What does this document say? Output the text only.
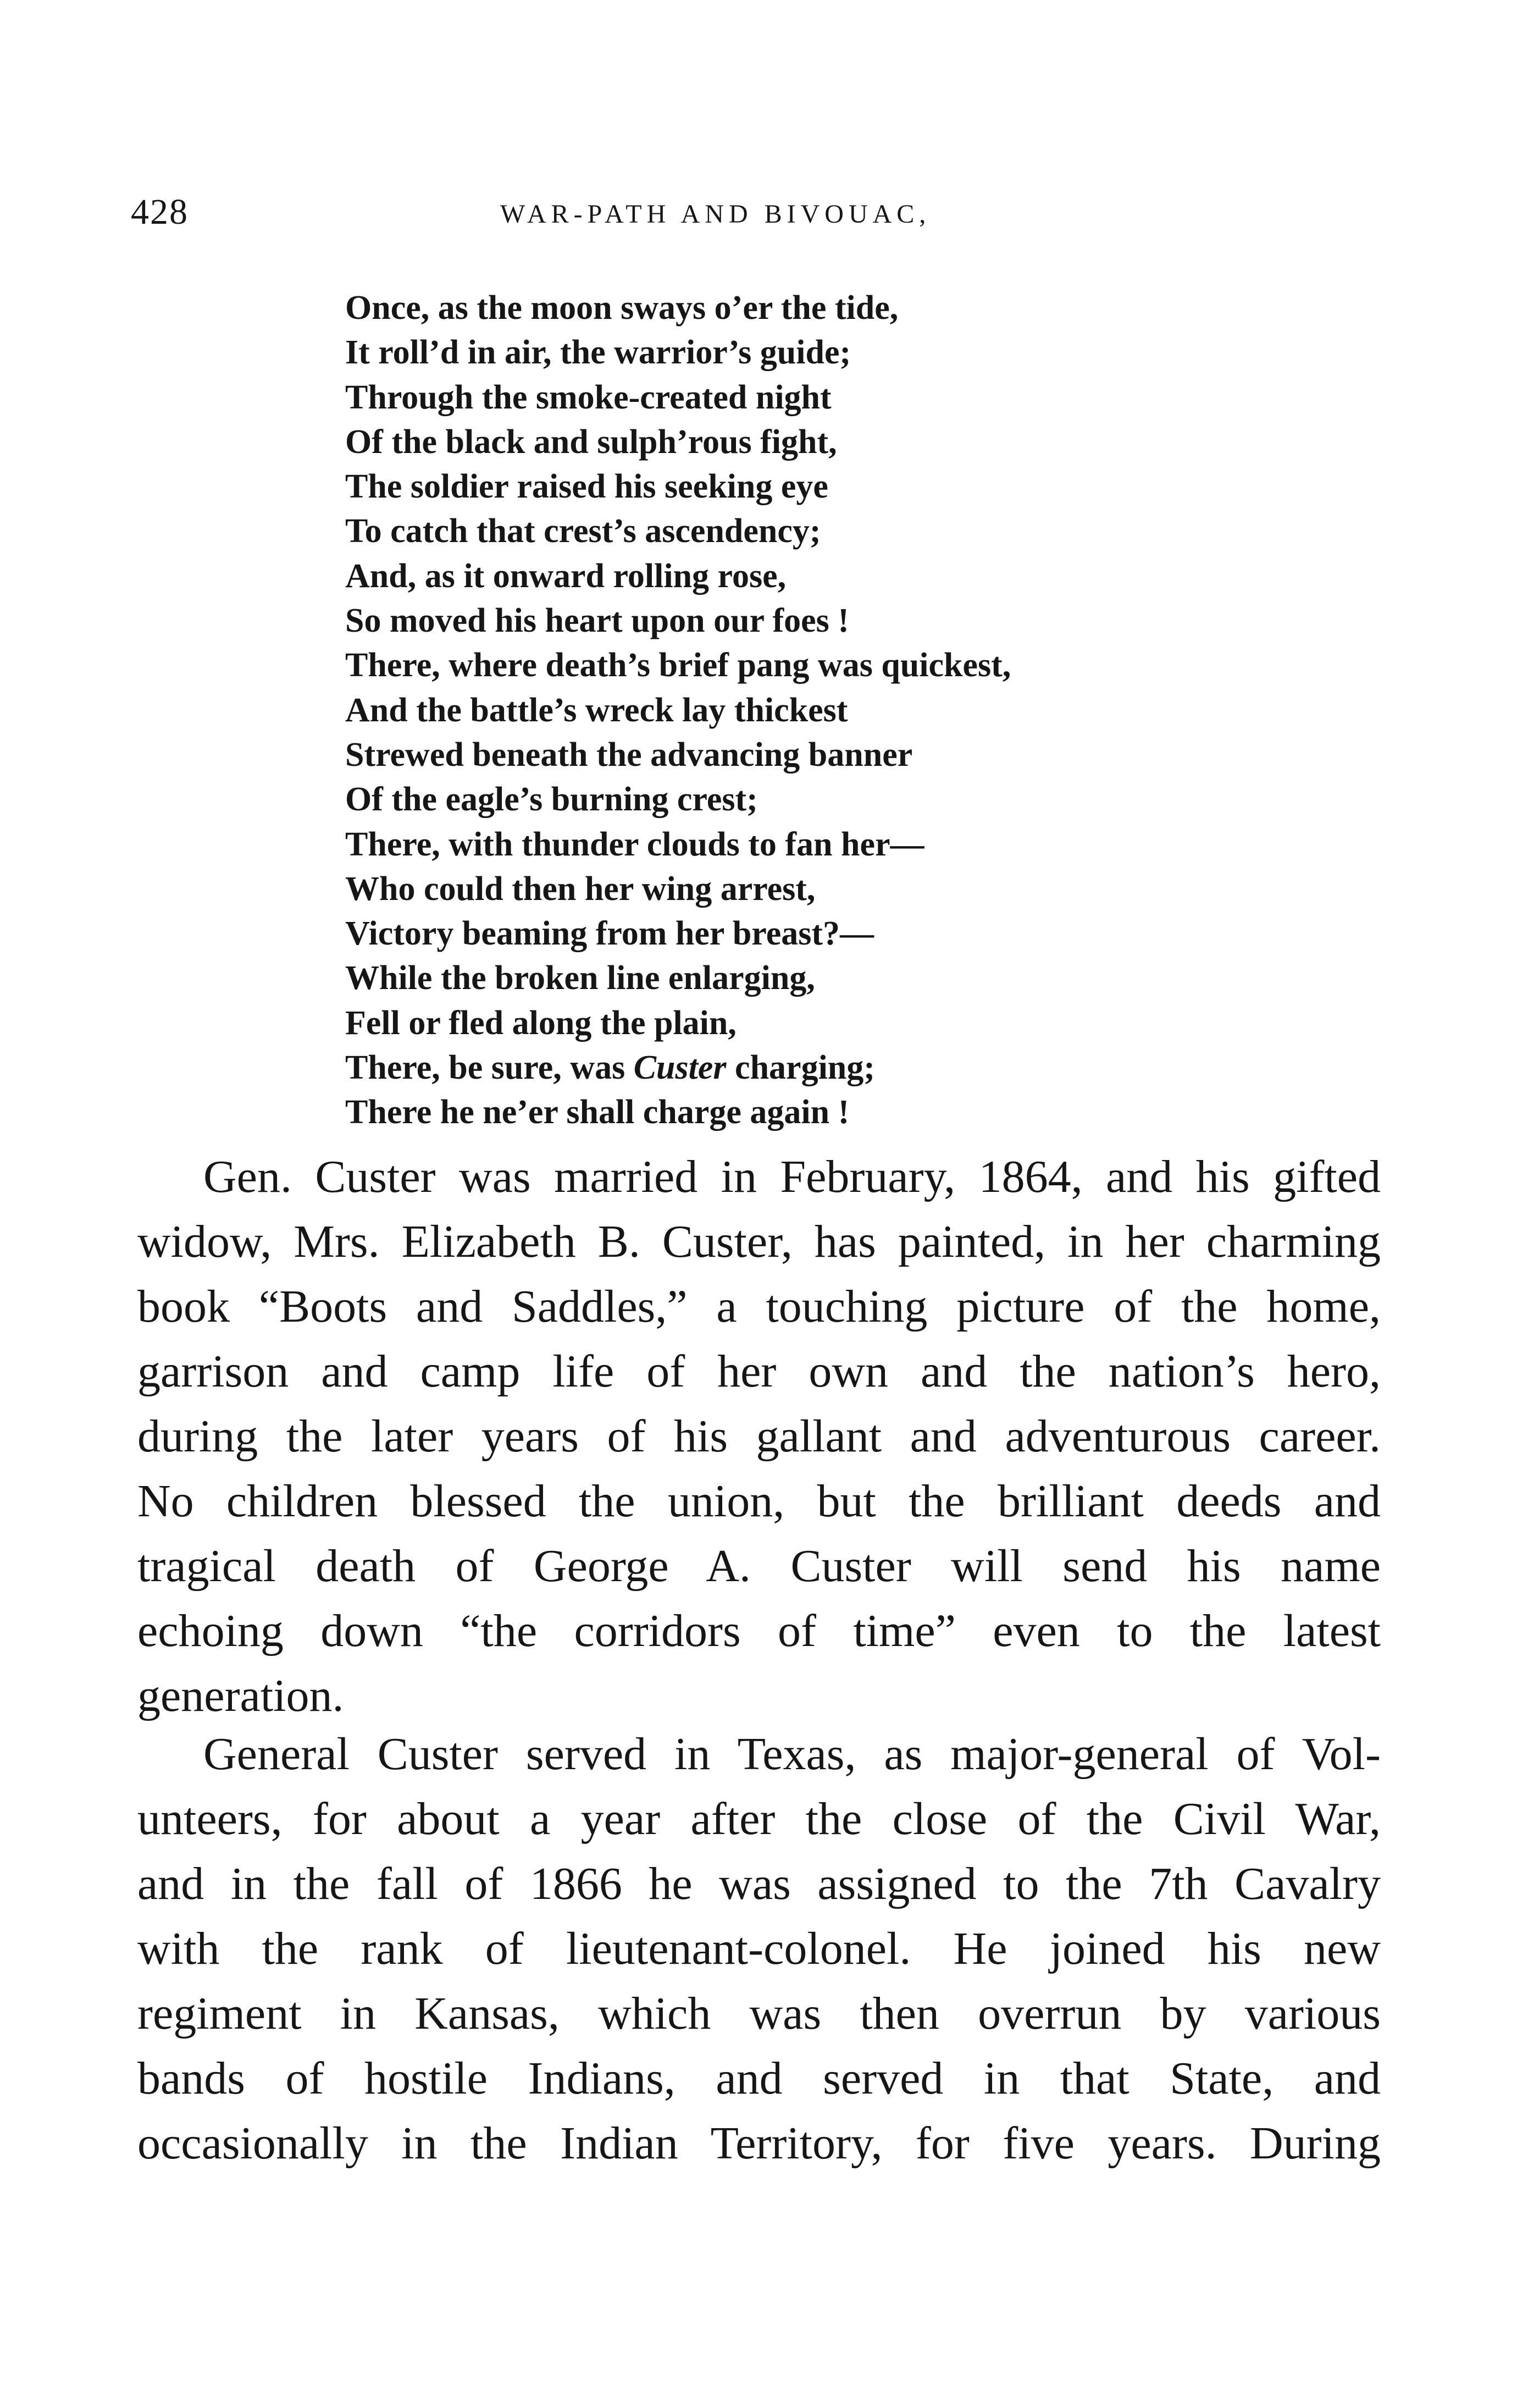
428	WAR-PATH AND BIVOUAC,
Once, as the moon sways o’er the tide,
It roll’d in air, the warrior’s guide;
Through the smoke-created night
Of the black and sulph’rous fight,
The soldier raised his seeking eye
To catch that crest’s ascendency;
And, as it onward rolling rose,
So moved his heart upon our foes !
There, where death’s brief pang was quickest,
And the battle’s wreck lay thickest
Strewed beneath the advancing banner
Of the eagle’s burning crest;
There, with thunder clouds to fan her—
Who could then her wing arrest,
Victory beaming from her breast?—
While the broken line enlarging,
Fell or fled along the plain,
There, be sure, was Custer charging;
There he ne’er shall charge again !
Gen. Custer was married in February, 1864, and his gifted
widow, Mrs. Elizabeth B. Custer, has painted, in her charming
book “Boots and Saddles,” a touching picture of the home,
garrison and camp life of her own and the nation’s hero,
during the later years of his gallant and adventurous career.
No children blessed the union, but the brilliant deeds and
tragical death of George A. Custer will send his name
echoing down “the corridors of time” even to the latest
generation.
General Custer served in Texas, as major-general of Vol-
unteers, for about a year after the close of the Civil War,
and in the fall of 1866 he was assigned to the 7th Cavalry
with the rank of lieutenant-colonel. He joined his new
regiment in Kansas, which was then overrun by various
bands of hostile Indians, and served in that State, and
occasionally in the Indian Territory, for five years. During
